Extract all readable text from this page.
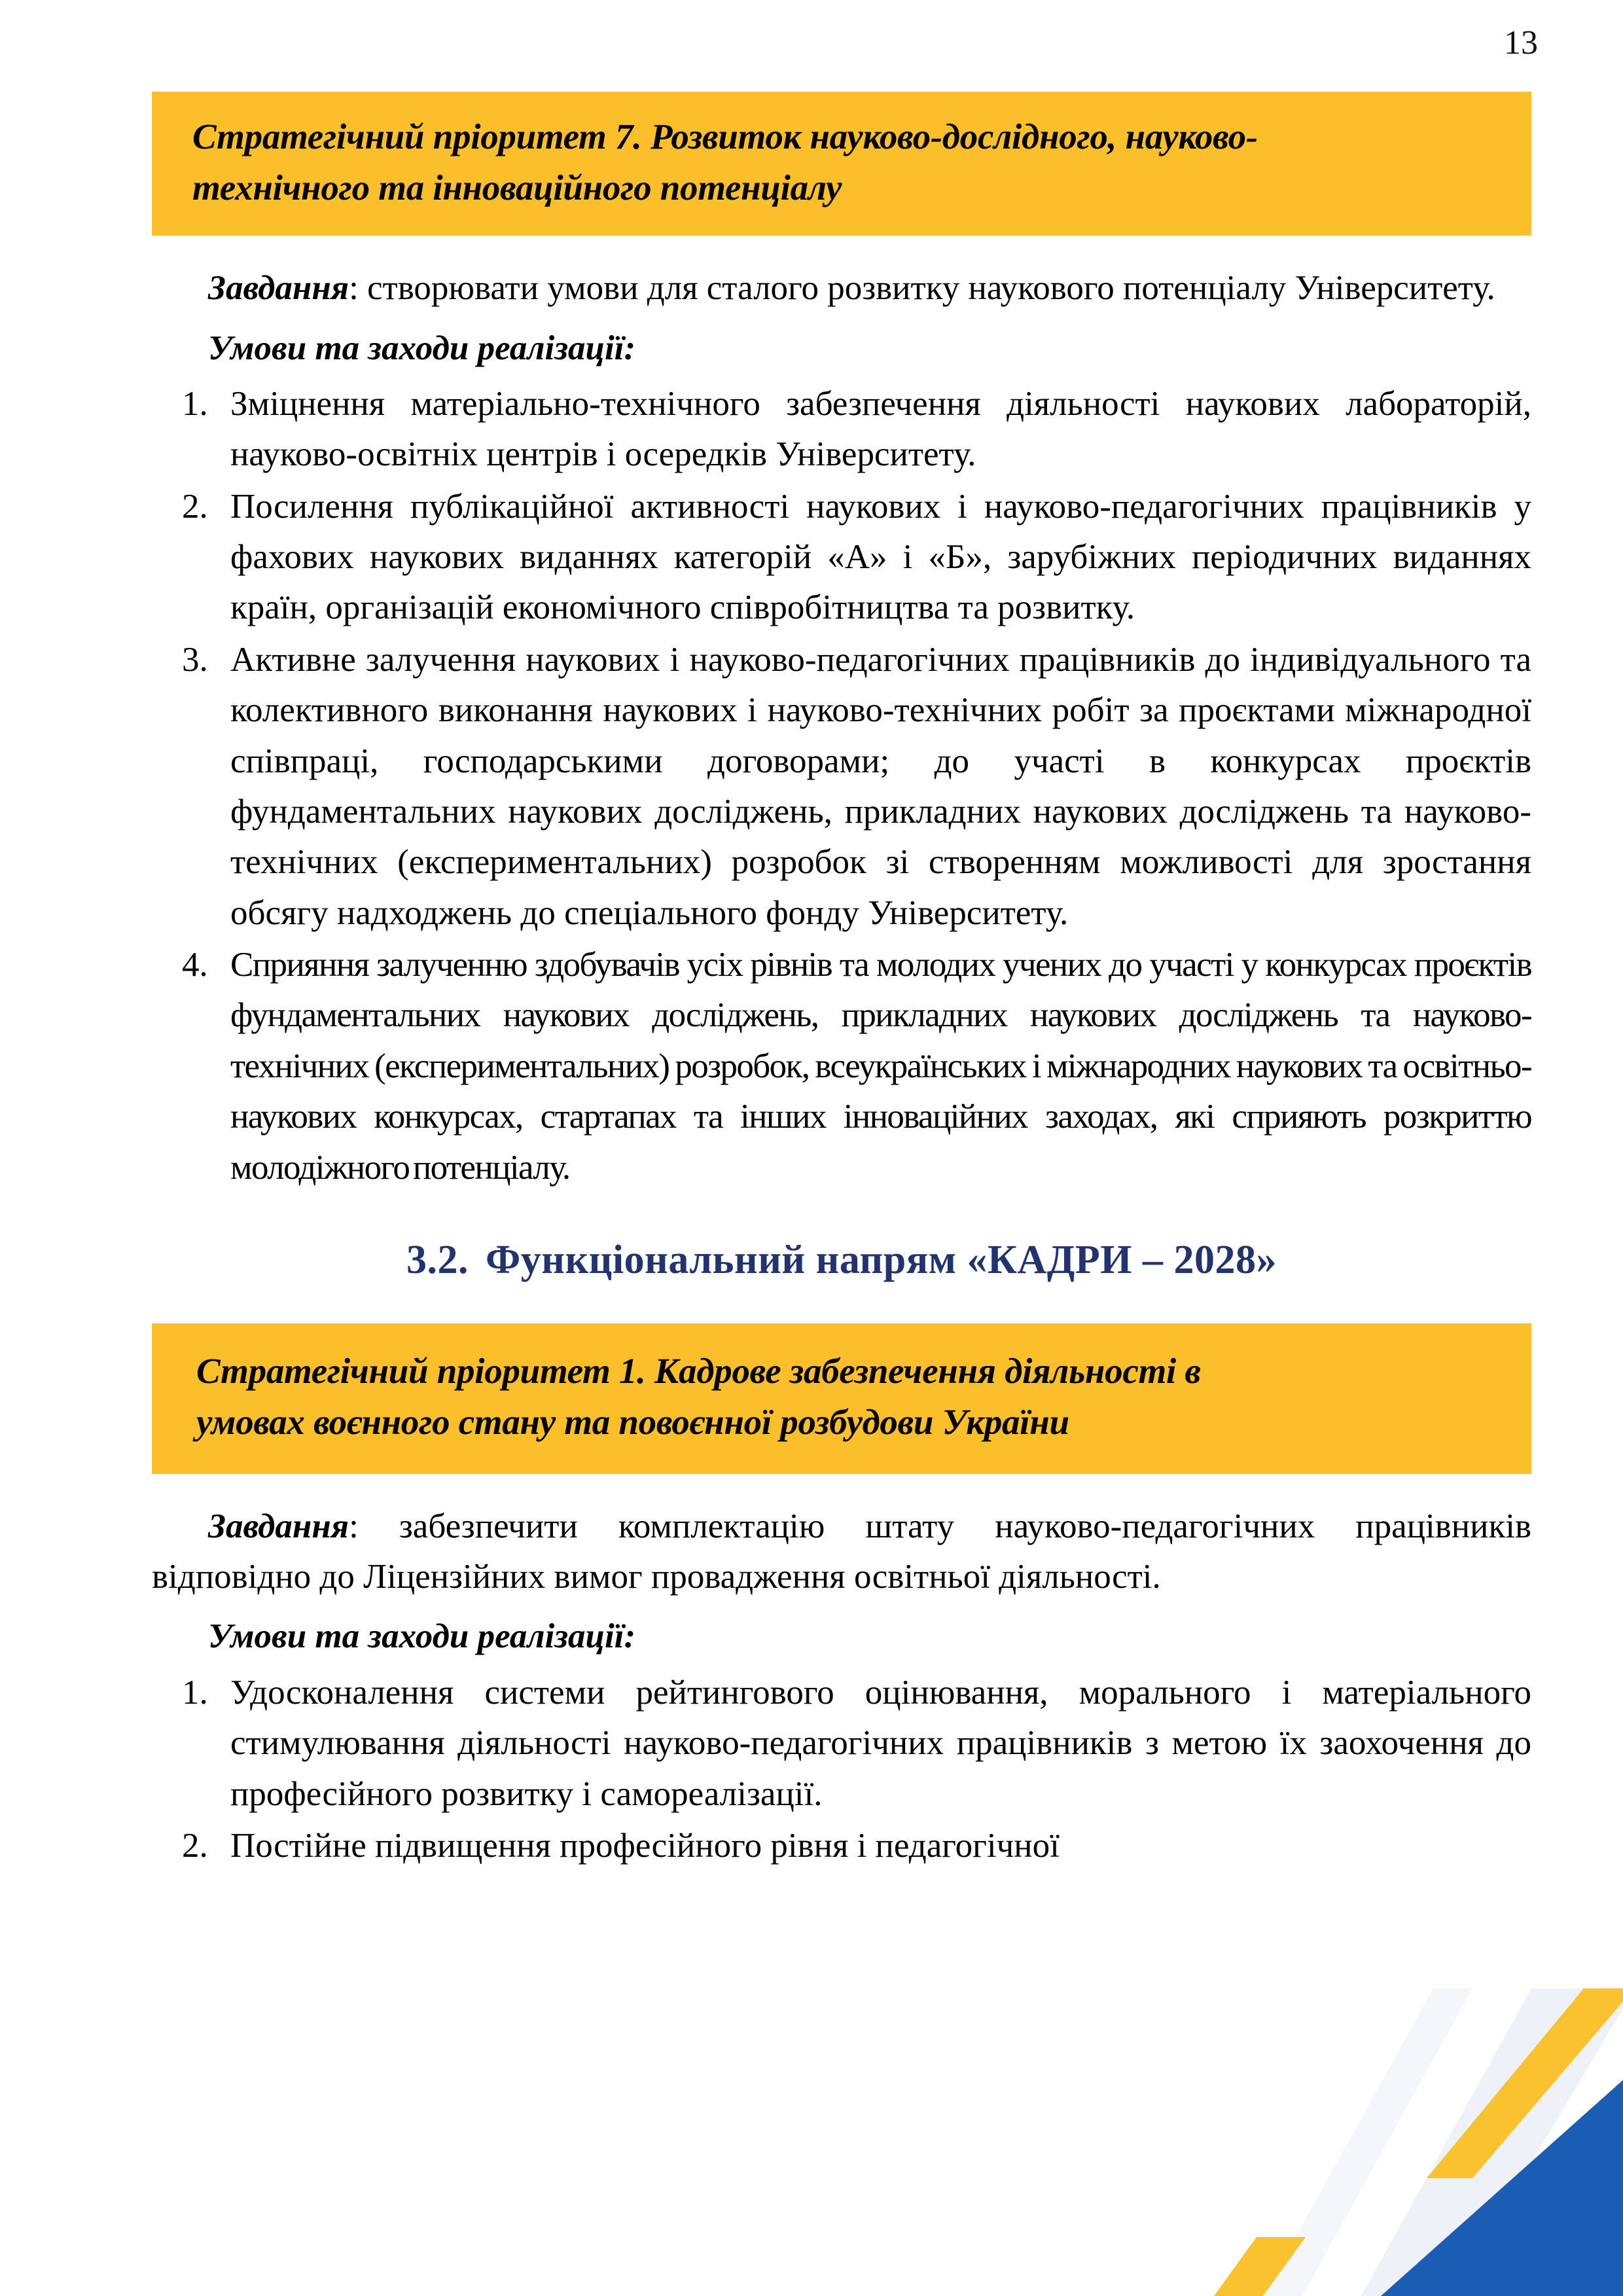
13
Стратегічний пріоритет 7. Розвиток науково-дослідного, науково-
технічного та інноваційного потенціалу

Завдання: створювати умови для сталого розвитку наукового потенціалу Університету.

Умови та заходи реалізації:

Зміцнення матеріально-технічного забезпечення діяльності наукових лабораторій, науково-освітніх центрів і осередків Університету.
Посилення публікаційної активності наукових і науково-педагогічних працівників у фахових наукових виданнях категорій «А» і «Б», зарубіжних періодичних виданнях країн, організацій економічного співробітництва та розвитку.
Активне залучення наукових і науково-педагогічних працівників до індивідуального та колективного виконання наукових і науково-технічних робіт за проєктами міжнародної співпраці, господарськими договорами; до участі в конкурсах проєктів фундаментальних наукових досліджень, прикладних наукових досліджень та науково-технічних (експериментальних) розробок зі створенням можливості для зростання обсягу надходжень до спеціального фонду Університету.
Сприяння залученню здобувачів усіх рівнів та молодих учених до участі у конкурсах проєктів фундаментальних наукових досліджень, прикладних наукових досліджень та науково-технічних (експериментальних) розробок, всеукраїнських і міжнародних наукових та освітньо-наукових конкурсах, стартапах та інших інноваційних заходах, які сприяють розкриттю молодіжного потенціалу.
3.2. Функціональний напрям «КАДРИ – 2028»
Стратегічний пріоритет 1. Кадрове забезпечення діяльності в
умовах воєнного стану та повоєнної розбудови України

Завдання: забезпечити комплектацію штату науково-педагогічних працівників відповідно до Ліцензійних вимог провадження освітньої діяльності.

Умови та заходи реалізації:

Удосконалення системи рейтингового оцінювання, морального і матеріального стимулювання діяльності науково-педагогічних працівників з метою їх заохочення до професійного розвитку і самореалізації.
Постійне підвищення професійного рівня і педагогічної
